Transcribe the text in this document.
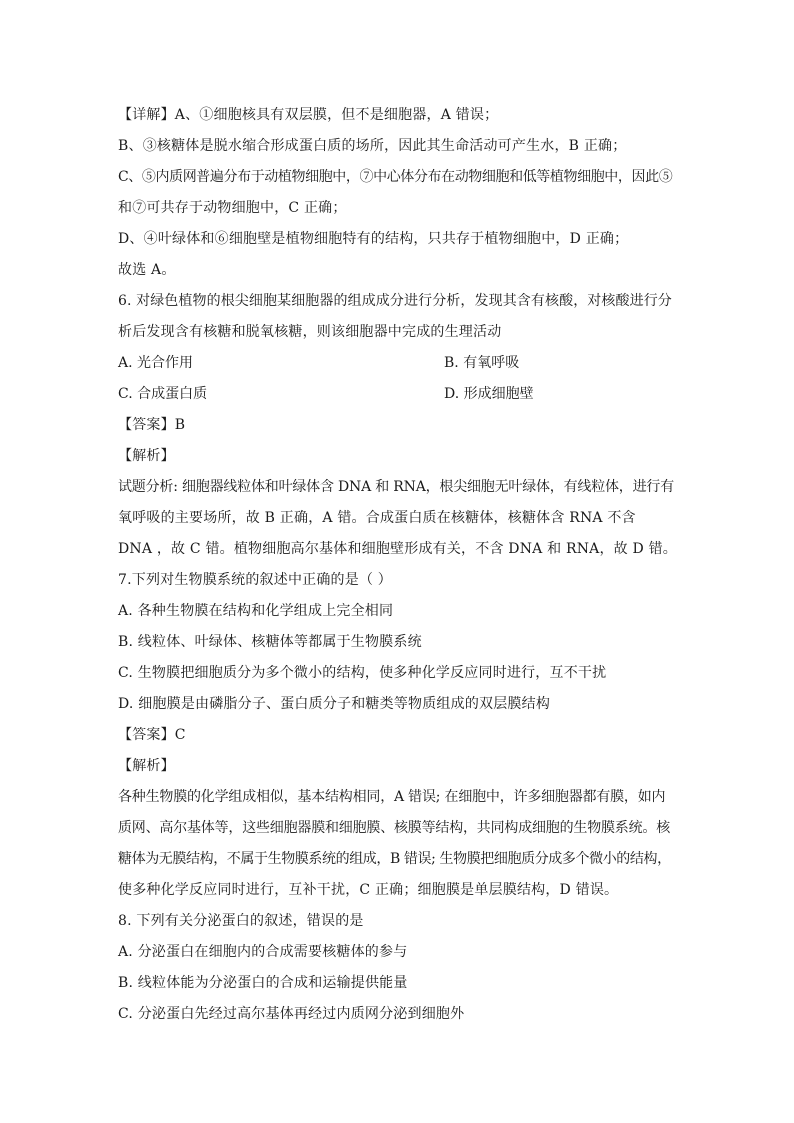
【详解】A、①细胞核具有双层膜，但不是细胞器，A 错误；
B、③核糖体是脱水缩合形成蛋白质的场所，因此其生命活动可产生水，B 正确；
C、⑤内质网普遍分布于动植物细胞中，⑦中心体分布在动物细胞和低等植物细胞中，因此⑤
和⑦可共存于动物细胞中，C 正确；
D、④叶绿体和⑥细胞壁是植物细胞特有的结构，只共存于植物细胞中，D 正确；
故选 A。
6. 对绿色植物的根尖细胞某细胞器的组成成分进行分析，发现其含有核酸，对核酸进行分
析后发现含有核糖和脱氧核糖，则该细胞器中完成的生理活动
A. 光合作用	B. 有氧呼吸
C. 合成蛋白质	D. 形成细胞壁
【答案】B
【解析】
试题分析: 细胞器线粒体和叶绿体含 DNA 和 RNA，根尖细胞无叶绿体，有线粒体，进行有
氧呼吸的主要场所，故 B 正确，A 错。合成蛋白质在核糖体，核糖体含 RNA 不含
DNA ，故 C 错。植物细胞高尔基体和细胞壁形成有关，不含 DNA 和 RNA，故 D 错。
7.下列对生物膜系统的叙述中正确的是（ ）
A. 各种生物膜在结构和化学组成上完全相同
B. 线粒体、叶绿体、核糖体等都属于生物膜系统
C. 生物膜把细胞质分为多个微小的结构，使多种化学反应同时进行，互不干扰
D. 细胞膜是由磷脂分子、蛋白质分子和糖类等物质组成的双层膜结构
【答案】C
【解析】
各种生物膜的化学组成相似，基本结构相同，A 错误; 在细胞中，许多细胞器都有膜，如内
质网、高尔基体等，这些细胞器膜和细胞膜、核膜等结构，共同构成细胞的生物膜系统。核
糖体为无膜结构，不属于生物膜系统的组成，B 错误; 生物膜把细胞质分成多个微小的结构，
使多种化学反应同时进行，互补干扰，C 正确；细胞膜是单层膜结构，D 错误。
8. 下列有关分泌蛋白的叙述，错误的是
A. 分泌蛋白在细胞内的合成需要核糖体的参与
B. 线粒体能为分泌蛋白的合成和运输提供能量
C. 分泌蛋白先经过高尔基体再经过内质网分泌到细胞外
